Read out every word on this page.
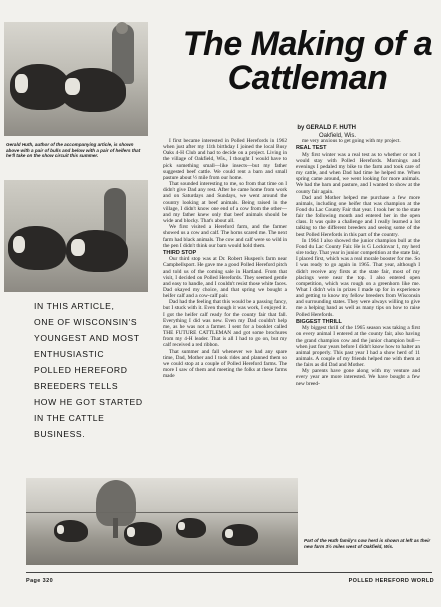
The Making of a
Cattleman
by GERALD F. HUTH
Oakfield, Wis.
Gerald Huth, author of the accompanying article, is shown above with a pair of bulls and below with a pair of heifers that he'll take on the show circuit this summer.
IN THIS ARTICLE,
ONE OF WISCONSIN'S
YOUNGEST AND MOST
ENTHUSIASTIC
POLLED HEREFORD
BREEDERS TELLS
HOW HE GOT STARTED
IN THE CATTLE
BUSINESS.

I first became interested in Polled Herefords in 1962 when just after my 11th birthday I joined the local Busy Oaks 4-H Club and had to decide on a project. Living in the village of Oakfield, Wis., I thought I would have to pick something small—like insects—but my father suggested beef cattle. We could rent a barn and small pasture about ½ mile from our home.

That sounded interesting to me, so from that time on I didn't give Dad any rest. After he came home from work and on Saturdays and Sundays, we went around the country looking at beef animals. Being raised in the village, I didn't know one end of a cow from the other—and my father knew only that beef animals should be wide and blocky. That's about all.

We first visited a Hereford farm, and the farmer showed us a cow and calf. The horns scared me. The next farm had black animals. The cow and calf were so wild in the pen I didn't think our barn would hold them.

THIRD STOP

Our third stop was at Dr. Robert Huspen's farm near Campbellsport. He gave me a good Polled Hereford pitch and told us of the coming sale in Hartland. From that visit, I decided on Polled Herefords. They seemed gentle and easy to handle, and I couldn't resist those white faces. Dad okayed my choice, and that spring we bought a heifer calf and a cow-calf pair.

Dad had the feeling that this would be a passing fancy, but I stuck with it. Even though it was work, I enjoyed it. I got the heifer calf ready for the county fair that fall. Everything I did was new. Even my Dad couldn't help me, as he was not a farmer. I sent for a booklet called THE FUTURE CATTLEMAN and got some brochures from my 4-H leader. That is all I had to go on, but my calf received a red ribbon.

That summer and fall whenever we had any spare time, Dad, Mother and I took rides and planned them so we could stop at a couple of Polled Hereford farms. The more I saw of them and meeting the folks at these farms made

me very anxious to get going with my project.

REAL TEST

My first winter was a real test as to whether or not I would stay with Polled Herefords. Mornings and evenings I pedaled my bike to the farm and took care of my cattle, and when Dad had time he helped me. When spring came around, we went looking for more animals. We had the barn and pasture, and I wanted to show at the county fair again.

Dad and Mother helped me purchase a few more animals, including one heifer that was champion at the Fond du Lac County Fair that year. I took her to the state fair the following month and entered her in the open class. It was quite a challenge and I really learned a lot talking to the different breeders and seeing some of the best Polled Herefords in this part of the country.

In 1964 I also showed the junior champion bull at the Fond du Lac County Fair. He is G Lockinvar 1, my herd sire today. That year in junior competition at the state fair, I placed first, which was a real morale booster for me. So I was ready to go again in 1965. That year, although I didn't receive any firsts at the state fair, most of my placings were near the top. I also entered open competition, which was rough on a greenhorn like me. What I didn't win in prizes I made up for in experience and getting to know my fellow breeders from Wisconsin and surrounding states. They were always willing to give me a helping hand as well as many tips on how to raise Polled Herefords.

BIGGEST THRILL

My biggest thrill of the 1965 season was taking a first on every animal I entered at the county fair, also having the grand champion cow and the junior champion bull—when just four years before I didn't know how to halter an animal properly. This past year I had a show herd of 11 animals. A couple of my friends helped me with them at the fairs as did Dad and Mother.

My parents have gone along with my venture and every year are more interested. We have bought a few new breed-

Part of the Huth family's cow herd is shown at left as their new farm 3½ miles west of Oakfield, Wis.
Page 320	POLLED HEREFORD WORLD
